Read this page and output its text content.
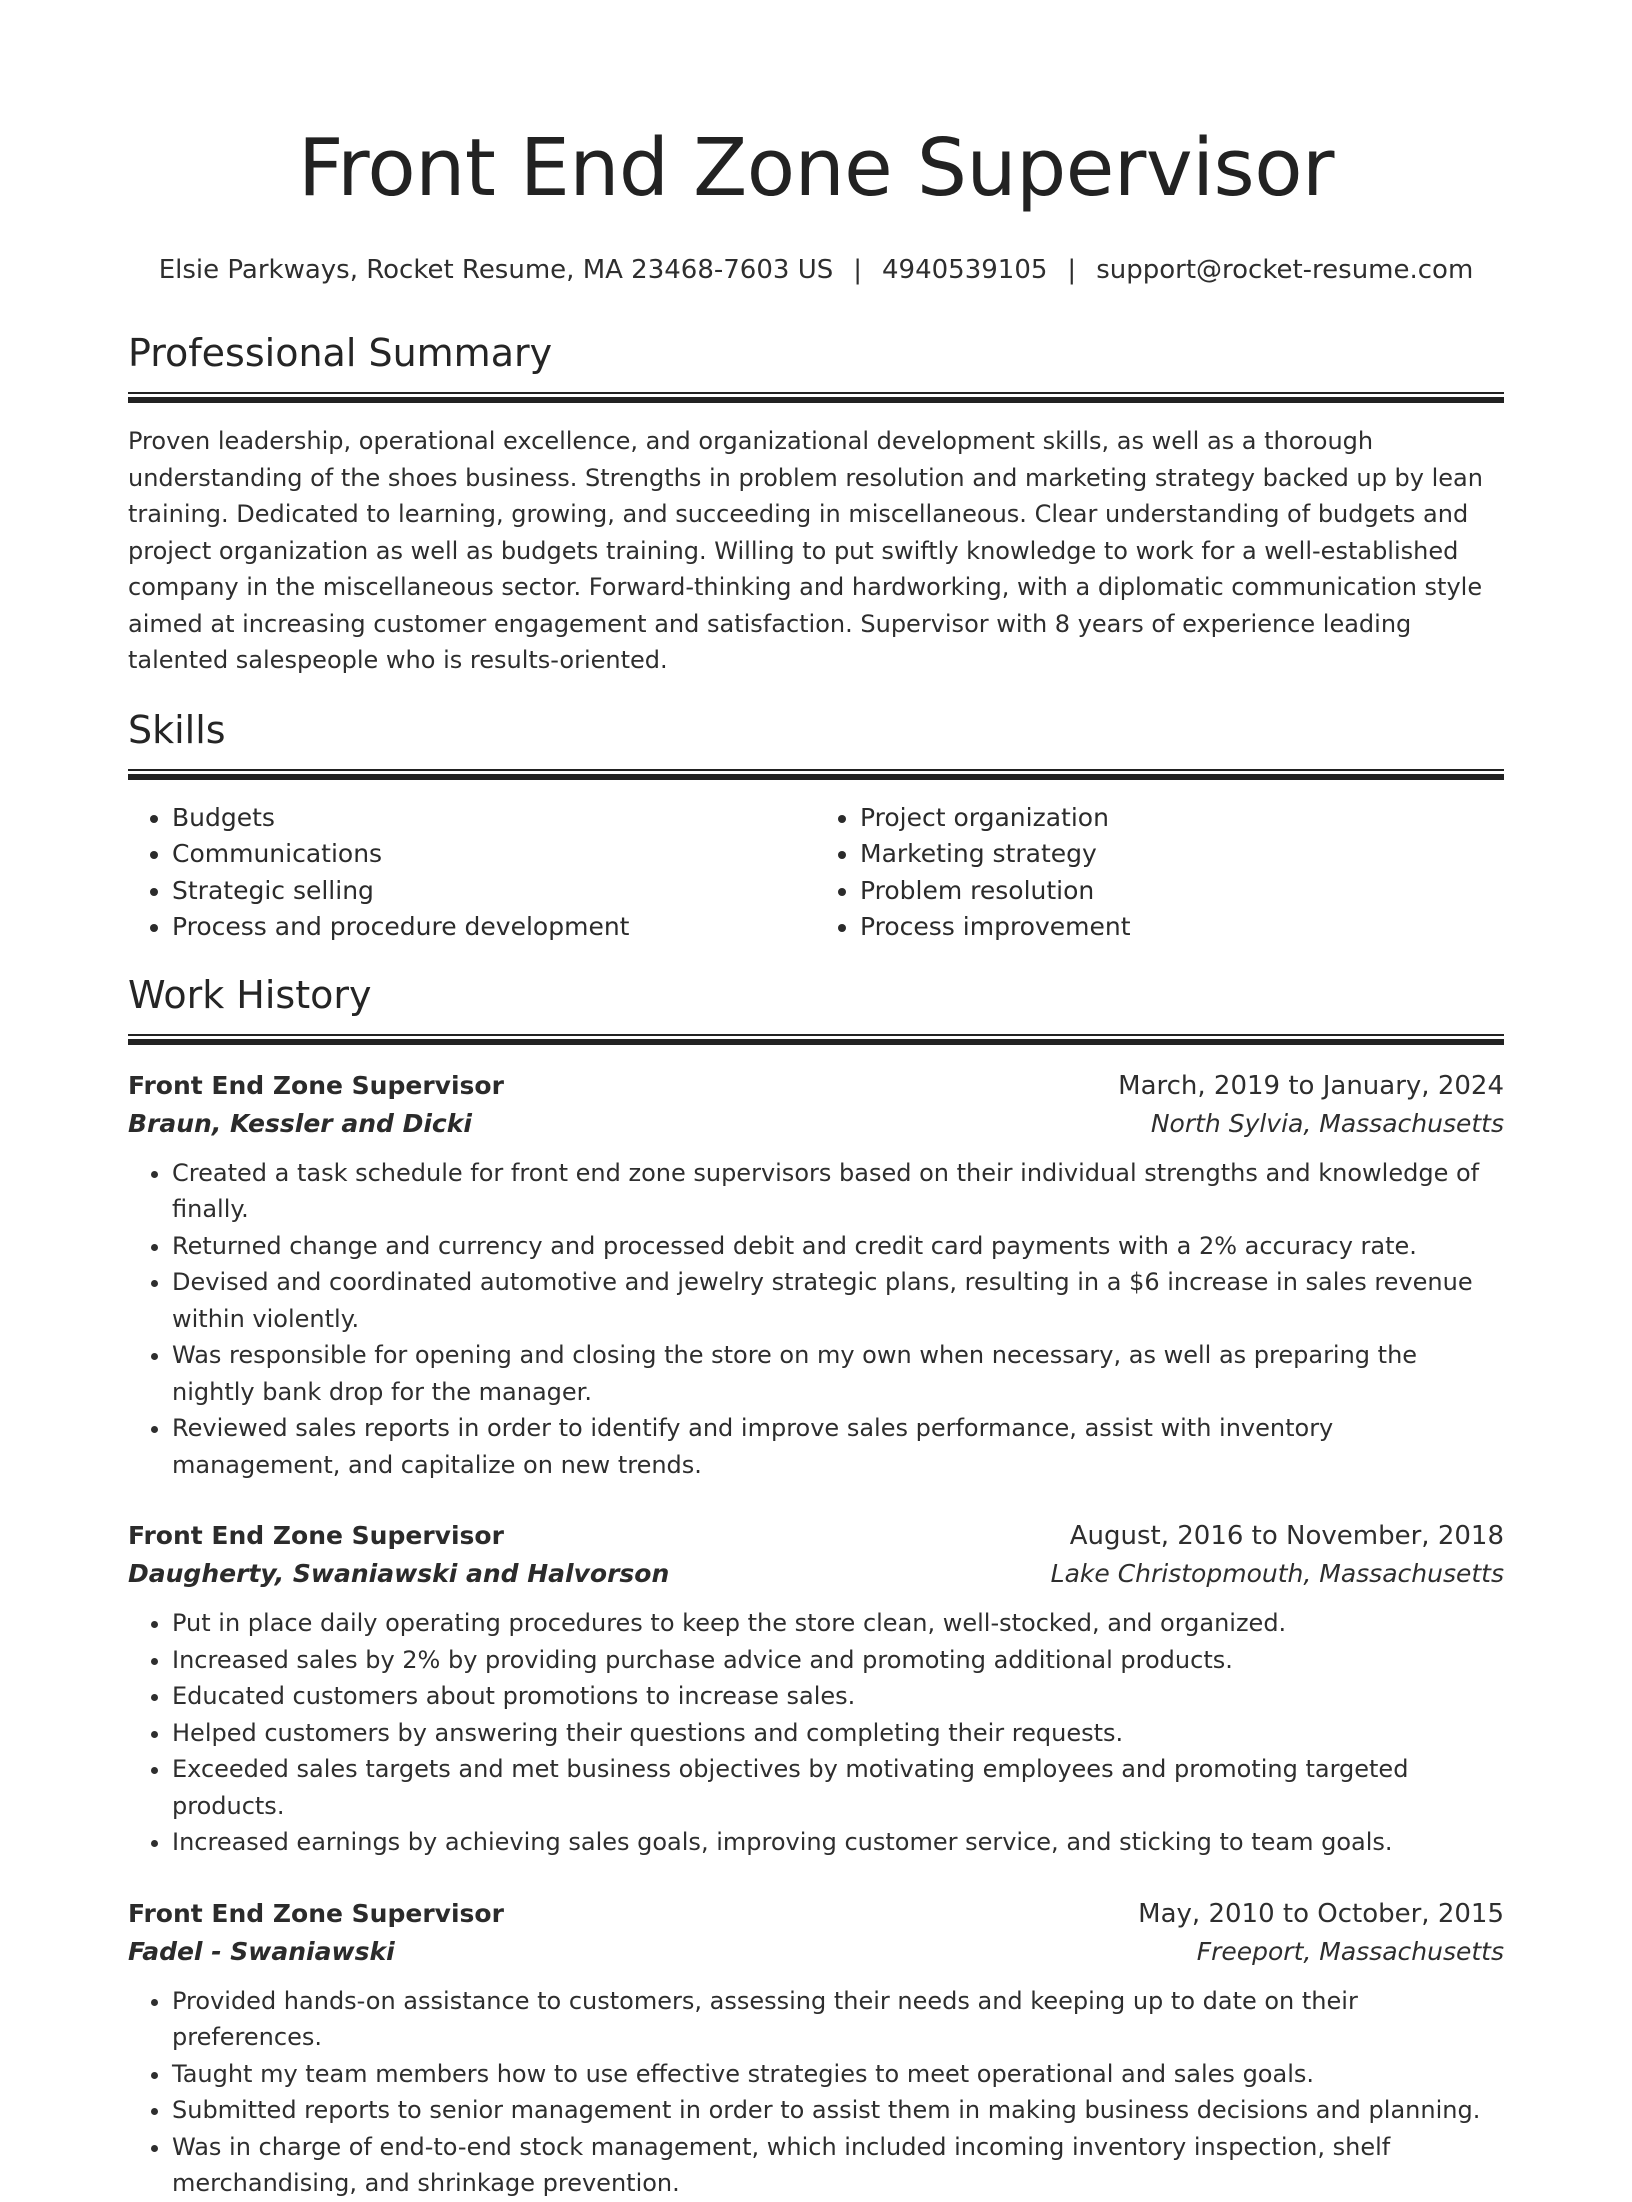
Front End Zone Supervisor
Elsie Parkways, Rocket Resume, MA 23468-7603 US | 4940539105 | support@rocket-resume.com
Professional Summary

Proven leadership, operational excellence, and organizational development skills, as well as a thorough understanding of the shoes business. Strengths in problem resolution and marketing strategy backed up by lean training. Dedicated to learning, growing, and succeeding in miscellaneous. Clear understanding of budgets and project organization as well as budgets training. Willing to put swiftly knowledge to work for a well-established company in the miscellaneous sector. Forward-thinking and hardworking, with a diplomatic communication style aimed at increasing customer engagement and satisfaction. Supervisor with 8 years of experience leading talented salespeople who is results-oriented.

Skills
• Budgets
• Communications
• Strategic selling
• Process and procedure development
• Project organization
• Marketing strategy
• Problem resolution
• Process improvement
Work History
Front End Zone Supervisor	March, 2019 to January, 2024
Braun, Kessler and Dicki	North Sylvia, Massachusetts
• Created a task schedule for front end zone supervisors based on their individual strengths and knowledge of finally.
• Returned change and currency and processed debit and credit card payments with a 2% accuracy rate.
• Devised and coordinated automotive and jewelry strategic plans, resulting in a $6 increase in sales revenue within violently.
• Was responsible for opening and closing the store on my own when necessary, as well as preparing the nightly bank drop for the manager.
• Reviewed sales reports in order to identify and improve sales performance, assist with inventory management, and capitalize on new trends.
Front End Zone Supervisor	August, 2016 to November, 2018
Daugherty, Swaniawski and Halvorson	Lake Christopmouth, Massachusetts
• Put in place daily operating procedures to keep the store clean, well-stocked, and organized.
• Increased sales by 2% by providing purchase advice and promoting additional products.
• Educated customers about promotions to increase sales.
• Helped customers by answering their questions and completing their requests.
• Exceeded sales targets and met business objectives by motivating employees and promoting targeted products.
• Increased earnings by achieving sales goals, improving customer service, and sticking to team goals.
Front End Zone Supervisor	May, 2010 to October, 2015
Fadel - Swaniawski	Freeport, Massachusetts
• Provided hands-on assistance to customers, assessing their needs and keeping up to date on their preferences.
• Taught my team members how to use effective strategies to meet operational and sales goals.
• Submitted reports to senior management in order to assist them in making business decisions and planning.
• Was in charge of end-to-end stock management, which included incoming inventory inspection, shelf merchandising, and shrinkage prevention.
